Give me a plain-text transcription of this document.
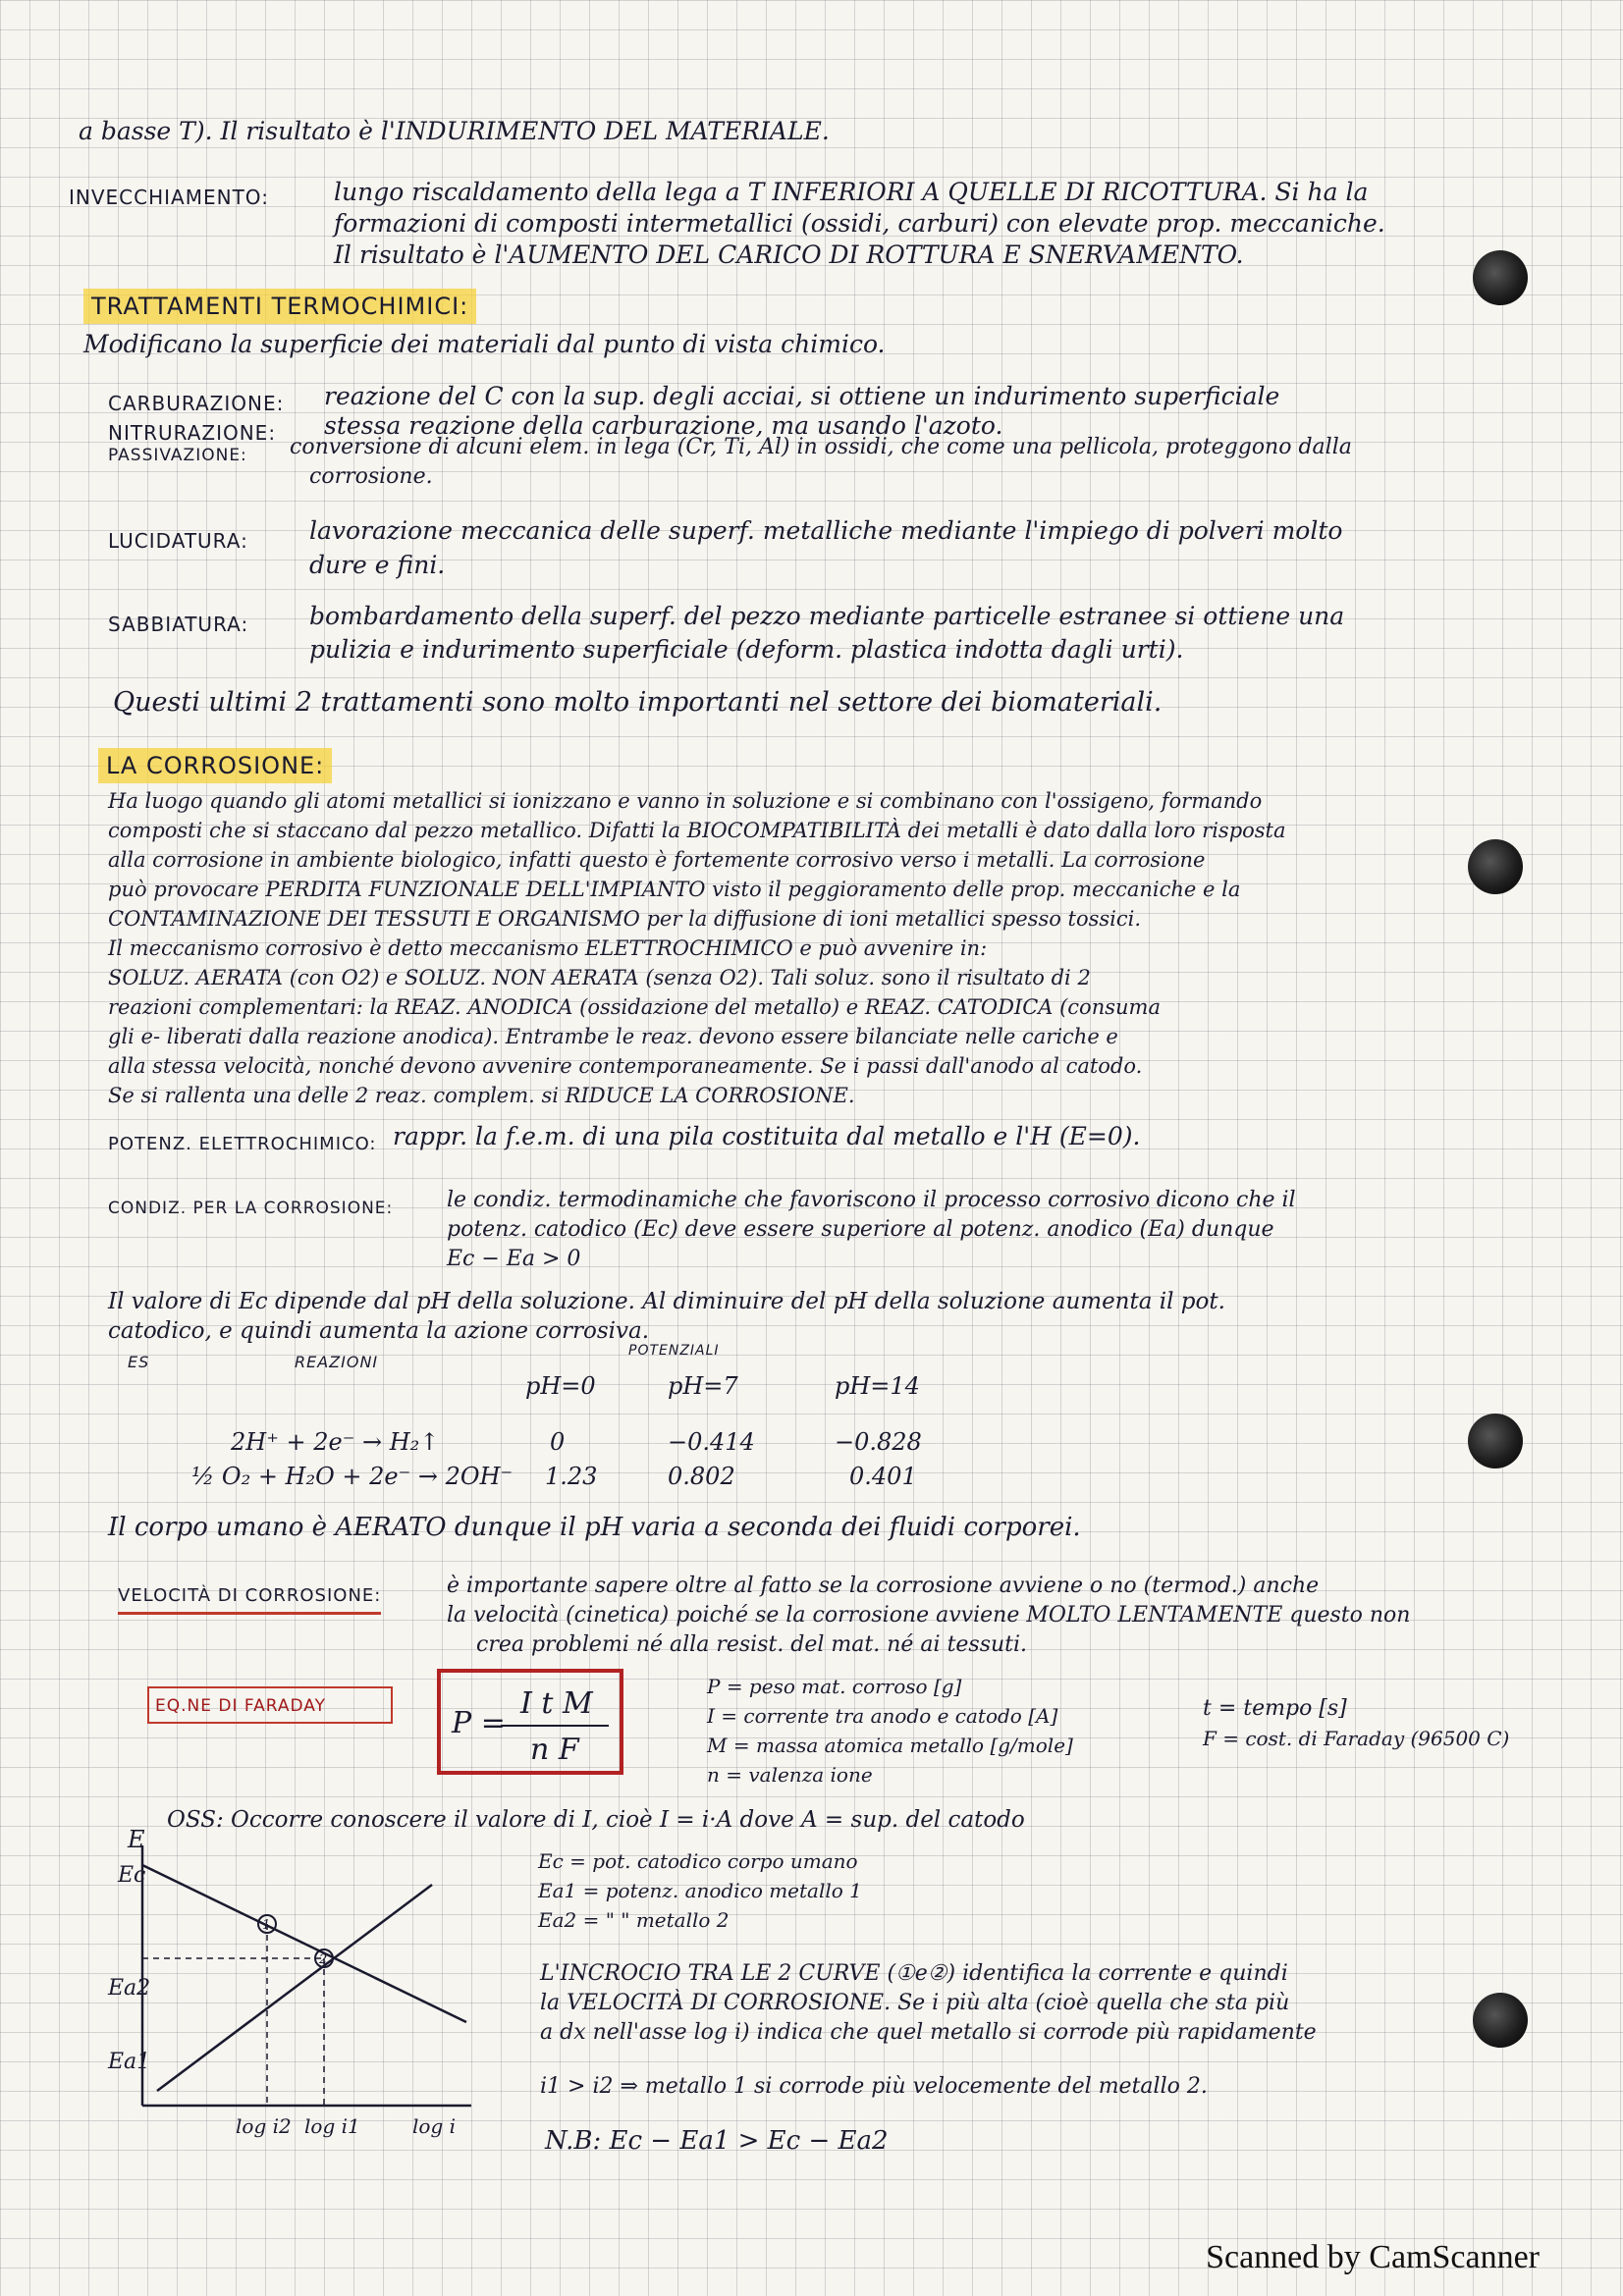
a basse T). Il risultato è l'INDURIMENTO DEL MATERIALE.
INVECCHIAMENTO:	lungo riscaldamento della lega a T INFERIORI A QUELLE DI RICOTTURA. Si ha la
formazioni di composti intermetallici (ossidi, carburi) con elevate prop. meccaniche.
Il risultato è l'AUMENTO DEL CARICO DI ROTTURA E SNERVAMENTO.
TRATTAMENTI TERMOCHIMICI:
Modificano la superficie dei materiali dal punto di vista chimico.
CARBURAZIONE: reazione del C con la sup. degli acciai, si ottiene un indurimento superficiale
NITRURAZIONE: stessa reazione della carburazione, ma usando l'azoto.
PASSIVAZIONE: conversione di alcuni elem. in lega (Cr, Ti, Al) in ossidi, che come una pellicola, proteggono dalla
corrosione.
LUCIDATURA: lavorazione meccanica delle superf. metalliche mediante l'impiego di polveri molto
dure e fini.
SABBIATURA: bombardamento della superf. del pezzo mediante particelle estranee si ottiene una
pulizia e indurimento superficiale (deform. plastica indotta dagli urti).
Questi ultimi 2 trattamenti sono molto importanti nel settore dei biomateriali.
LA CORROSIONE:
Ha luogo quando gli atomi metallici si ionizzano e vanno in soluzione e si combinano con l'ossigeno, formando
composti che si staccano dal pezzo metallico. Difatti la BIOCOMPATIBILITÀ dei metalli è dato dalla loro risposta
alla corrosione in ambiente biologico, infatti questo è fortemente corrosivo verso i metalli. La corrosione
può provocare PERDITA FUNZIONALE DELL'IMPIANTO visto il peggioramento delle prop. meccaniche e la
CONTAMINAZIONE DEI TESSUTI E ORGANISMO per la diffusione di ioni metallici spesso tossici.
Il meccanismo corrosivo è detto meccanismo ELETTROCHIMICO e può avvenire in:
SOLUZ. AERATA (con O2) e SOLUZ. NON AERATA (senza O2). Tali soluz. sono il risultato di 2
reazioni complementari: la REAZ. ANODICA (ossidazione del metallo) e REAZ. CATODICA (consuma
gli e- liberati dalla reazione anodica). Entrambe le reaz. devono essere bilanciate nelle cariche e
alla stessa velocità, nonché devono avvenire contemporaneamente. Se i passi dall'anodo al catodo.
Se si rallenta una delle 2 reaz. complem. si RIDUCE LA CORROSIONE.
POTENZ. ELETTROCHIMICO: rappr. la f.e.m. di una pila costituita dal metallo e l'H (E=0).
CONDIZ. PER LA CORROSIONE: le condiz. termodinamiche che favoriscono il processo corrosivo dicono che il
potenz. catodico (Ec) deve essere superiore al potenz. anodico (Ea) dunque
Ec − Ea > 0
Il valore di Ec dipende dal pH della soluzione. Al diminuire del pH della soluzione aumenta il pot.
catodico, e quindi aumenta la azione corrosiva.
ES	REAZIONI
POTENZIALI
pH=0	pH=7	pH=14
2H⁺ + 2e⁻ → H₂↑	0	−0.414	−0.828
½ O₂ + H₂O + 2e⁻ → 2OH⁻ 1.23	0.802	0.401
Il corpo umano è AERATO dunque il pH varia a seconda dei fluidi corporei.
VELOCITÀ DI CORROSIONE:	è importante sapere oltre al fatto se la corrosione avviene o no (termod.) anche
la velocità (cinetica) poiché se la corrosione avviene MOLTO LENTAMENTE questo non
crea problemi né alla resist. del mat. né ai tessuti.
EQ.NE DI FARADAY	P =
I t M
n F
P = peso mat. corroso [g]
I = corrente tra anodo e catodo [A]
M = massa atomica metallo [g/mole]
n = valenza ione
t = tempo [s]
F = cost. di Faraday (96500 C)
OSS: Occorre conoscere il valore di I, cioè I = i·A dove A = sup. del catodo
E
Ec
Ea2
Ea1
1
2
log i2 log i1	log i
Ec = pot. catodico corpo umano
Ea1 = potenz. anodico metallo 1
Ea2 = " " metallo 2
L'INCROCIO TRA LE 2 CURVE (①e②) identifica la corrente e quindi
la VELOCITÀ DI CORROSIONE. Se i più alta (cioè quella che sta più
a dx nell'asse log i) indica che quel metallo si corrode più rapidamente
i1 > i2 ⇒ metallo 1 si corrode più velocemente del metallo 2.
N.B: Ec − Ea1 > Ec − Ea2
Scanned by CamScanner
